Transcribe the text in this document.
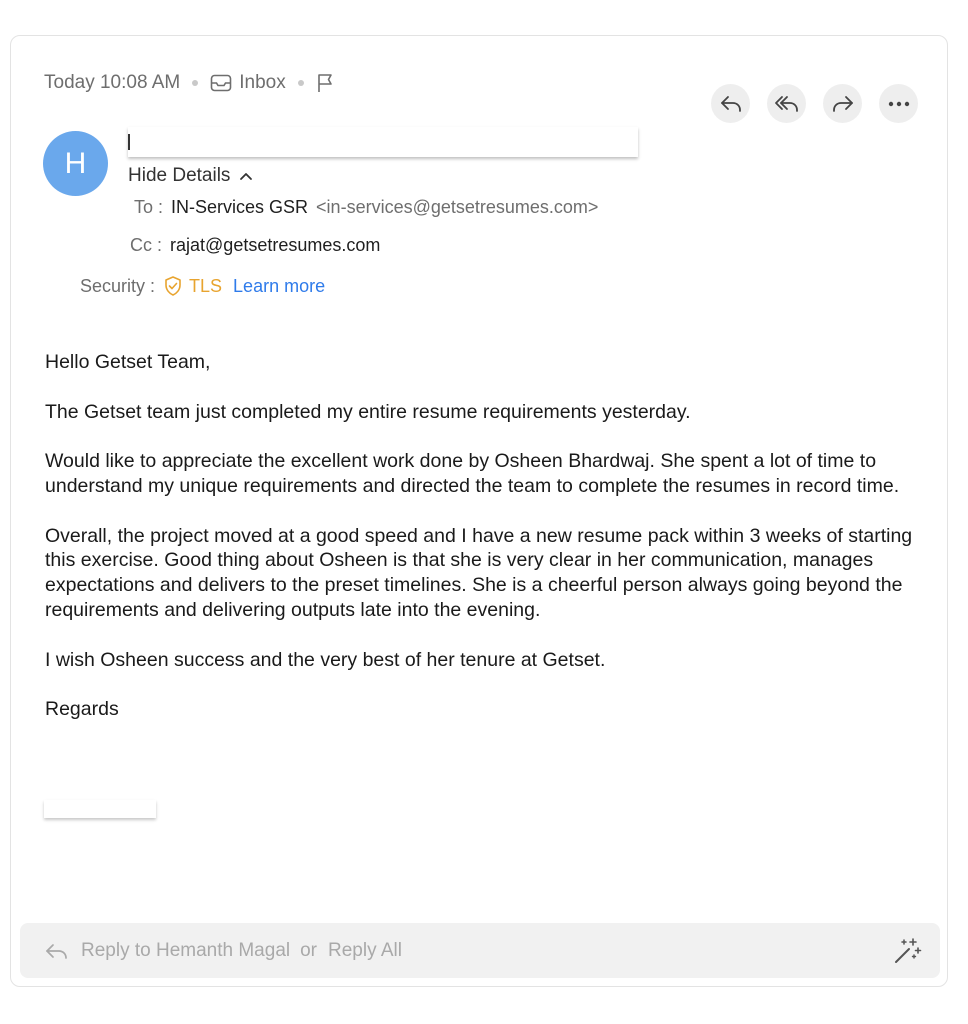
Today 10:08 AM	Inbox
H	Hide Details
To : IN-Services GSR <in-services@getsetresumes.com>
Cc : rajat@getsetresumes.com
Security : TLS Learn more

Hello Getset Team,

The Getset team just completed my entire resume requirements yesterday.

Would like to appreciate the excellent work done by Osheen Bhardwaj. She spent a lot of time to understand my unique requirements and directed the team to complete the resumes in record time.

Overall, the project moved at a good speed and I have a new resume pack within 3 weeks of starting this exercise. Good thing about Osheen is that she is very clear in her communication, manages expectations and delivers to the preset timelines. She is a cheerful person always going beyond the requirements and delivering outputs late into the evening.

I wish Osheen success and the very best of her tenure at Getset.

Regards

Reply to Hemanth Magal or Reply All
